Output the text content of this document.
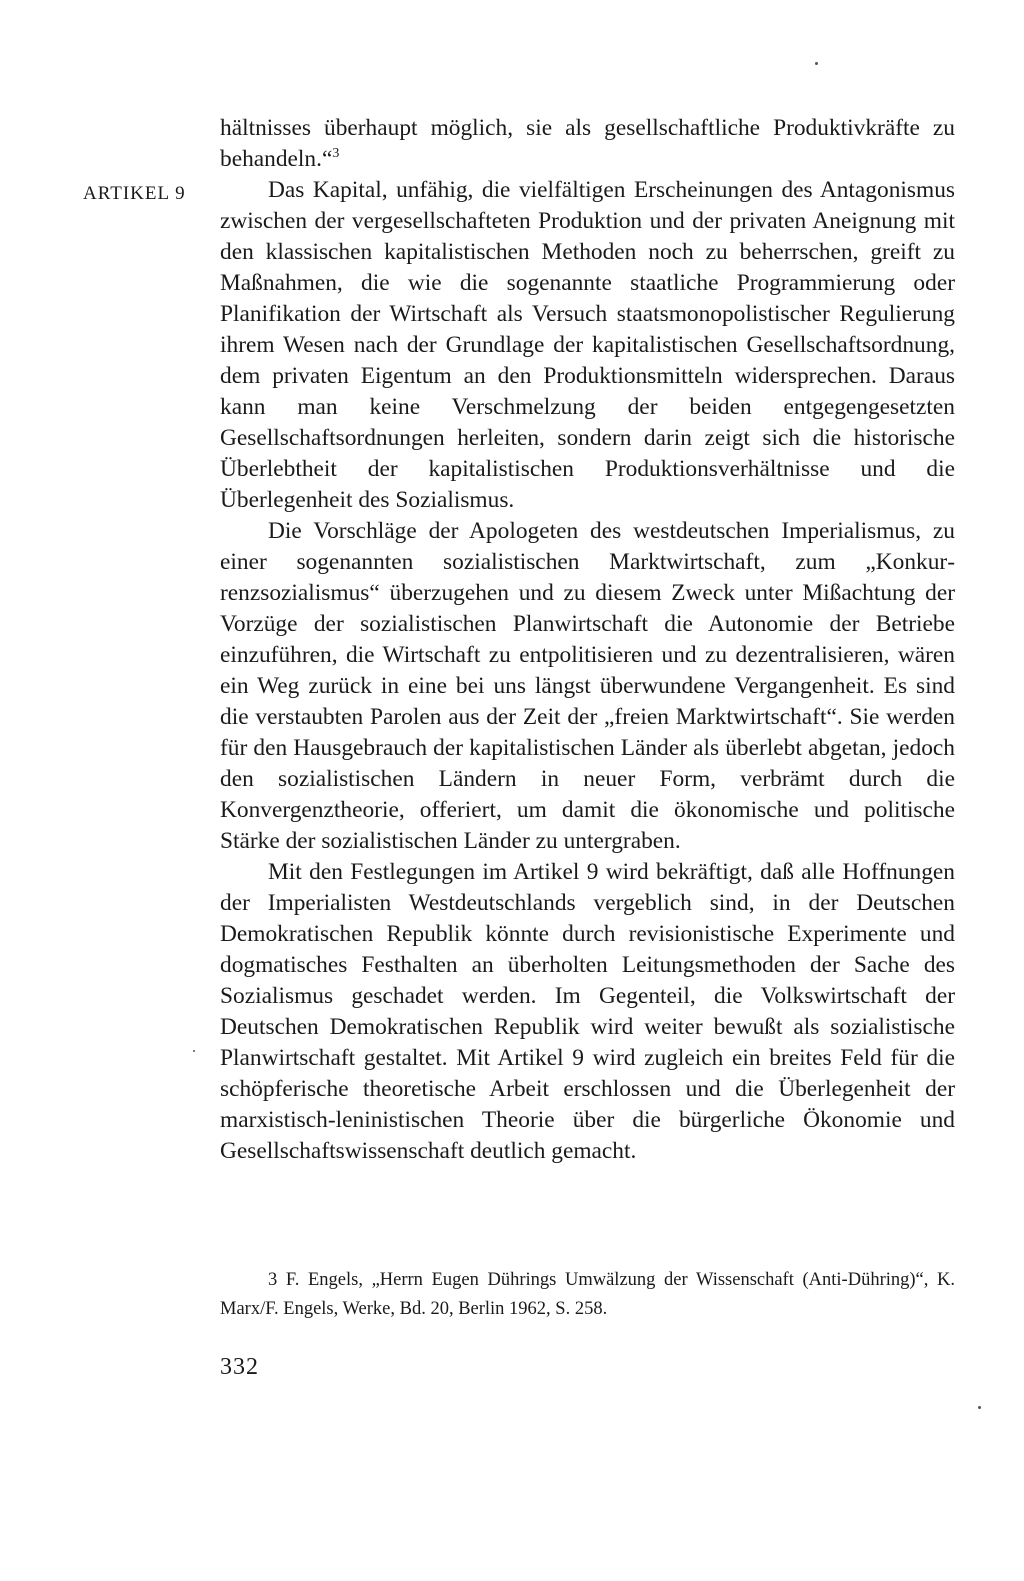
ARTIKEL 9

hältnisses überhaupt möglich, sie als gesellschaftliche Produktivkräfte zu behandeln.“$^3$

Das Kapital, unfähig, die vielfältigen Erscheinungen des Antagonismus zwischen der vergesellschafteten Produktion und der privaten Aneignung mit den klassischen kapitalistischen Methoden noch zu beherrschen, greift zu Maßnahmen, die wie die sogenannte staatliche Programmierung oder Planifikation der Wirtschaft als Versuch staatsmonopolistischer Regulierung ihrem Wesen nach der Grundlage der kapitalistischen Gesellschaftsordnung, dem privaten Eigentum an den Produktionsmitteln widersprechen. Daraus kann man keine Verschmelzung der beiden entgegengesetzten Gesellschaftsordnungen herleiten, sondern darin zeigt sich die historische Überlebtheit der kapitalistischen Produktionsverhältnisse und die Überlegenheit des Sozialismus.

Die Vorschläge der Apologeten des westdeutschen Imperialismus, zu einer sogenannten sozialistischen Marktwirtschaft, zum „Konkurrenzsozialismus“ überzugehen und zu diesem Zweck unter Mißachtung der Vorzüge der sozialistischen Planwirtschaft die Autonomie der Betriebe einzuführen, die Wirtschaft zu entpolitisieren und zu dezentralisieren, wären ein Weg zurück in eine bei uns längst überwundene Vergangenheit. Es sind die verstaubten Parolen aus der Zeit der „freien Marktwirtschaft“. Sie werden für den Hausgebrauch der kapitalistischen Länder als überlebt abgetan, jedoch den sozialistischen Ländern in neuer Form, verbrämt durch die Konvergenztheorie, offeriert, um damit die ökonomische und politische Stärke der sozialistischen Länder zu untergraben.

Mit den Festlegungen im Artikel 9 wird bekräftigt, daß alle Hoffnungen der Imperialisten Westdeutschlands vergeblich sind, in der Deutschen Demokratischen Republik könnte durch revisionistische Experimente und dogmatisches Festhalten an überholten Leitungsmethoden der Sache des Sozialismus geschadet werden. Im Gegenteil, die Volkswirtschaft der Deutschen Demokratischen Republik wird weiter bewußt als sozialistische Planwirtschaft gestaltet. Mit Artikel 9 wird zugleich ein breites Feld für die schöpferische theoretische Arbeit erschlossen und die Überlegenheit der marxistisch-leninistischen Theorie über die bürgerliche Ökonomie und Gesellschaftswissenschaft deutlich gemacht.

3 F. Engels, „Herrn Eugen Dührings Umwälzung der Wissenschaft (Anti-Dühring)“, K. Marx/F. Engels, Werke, Bd. 20, Berlin 1962, S. 258.
332
